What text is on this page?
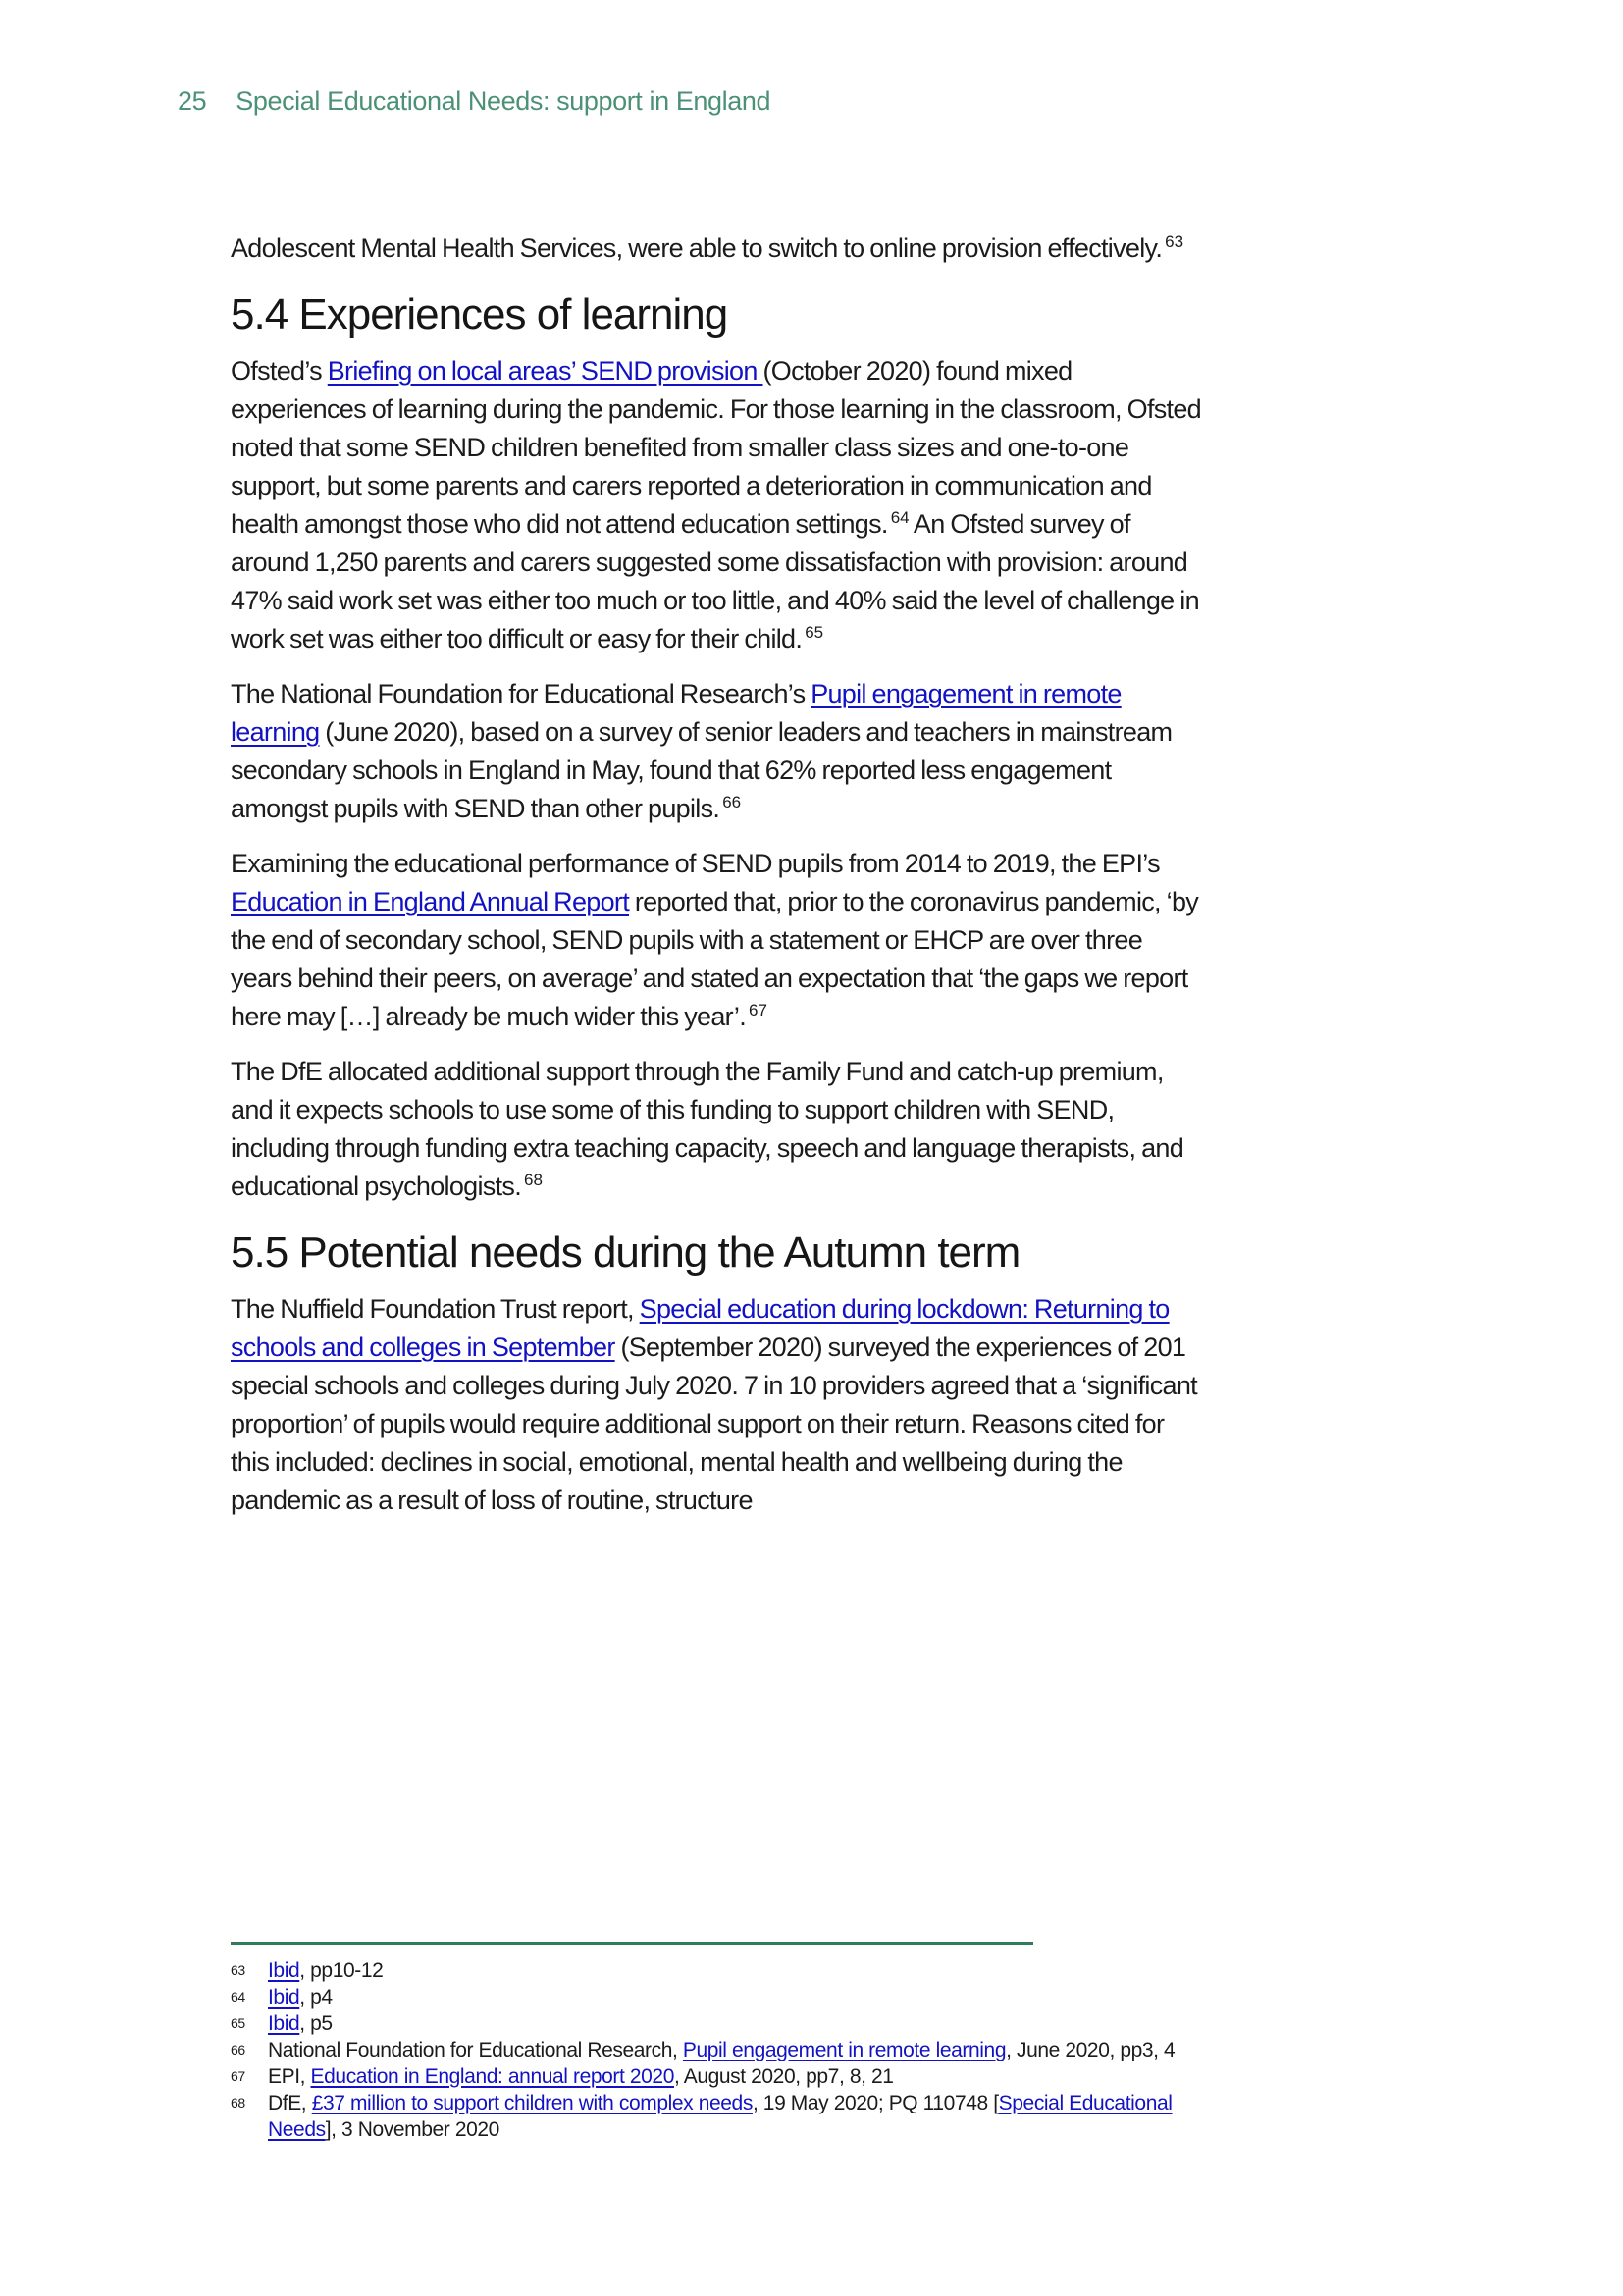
25 Special Educational Needs: support in England

Adolescent Mental Health Services, were able to switch to online provision effectively. $^{63}$

5.4 Experiences of learning

Ofsted’s Briefing on local areas’ SEND provision (October 2020) found mixed experiences of learning during the pandemic. For those learning in the classroom, Ofsted noted that some SEND children benefited from smaller class sizes and one-to-one support, but some parents and carers reported a deterioration in communication and health amongst those who did not attend education settings. $^{64}$ An Ofsted survey of around 1,250 parents and carers suggested some dissatisfaction with provision: around 47% said work set was either too much or too little, and 40% said the level of challenge in work set was either too difficult or easy for their child. $^{65}$

The National Foundation for Educational Research’s Pupil engagement in remote learning (June 2020), based on a survey of senior leaders and teachers in mainstream secondary schools in England in May, found that 62% reported less engagement amongst pupils with SEND than other pupils. $^{66}$

Examining the educational performance of SEND pupils from 2014 to 2019, the EPI’s Education in England Annual Report reported that, prior to the coronavirus pandemic, ‘by the end of secondary school, SEND pupils with a statement or EHCP are over three years behind their peers, on average’ and stated an expectation that ‘the gaps we report here may […] already be much wider this year’. $^{67}$

The DfE allocated additional support through the Family Fund and catch-up premium, and it expects schools to use some of this funding to support children with SEND, including through funding extra teaching capacity, speech and language therapists, and educational psychologists. $^{68}$

5.5 Potential needs during the Autumn term

The Nuffield Foundation Trust report, Special education during lockdown: Returning to schools and colleges in September (September 2020) surveyed the experiences of 201 special schools and colleges during July 2020. 7 in 10 providers agreed that a ‘significant proportion’ of pupils would require additional support on their return. Reasons cited for this included: declines in social, emotional, mental health and wellbeing during the pandemic as a result of loss of routine, structure

63	Ibid, pp10-12
64	Ibid, p4
65	Ibid, p5
66	National Foundation for Educational Research, Pupil engagement in remote learning, June 2020, pp3, 4
67	EPI, Education in England: annual report 2020, August 2020, pp7, 8, 21
68	DfE, £37 million to support children with complex needs, 19 May 2020; PQ 110748 [Special Educational Needs], 3 November 2020
